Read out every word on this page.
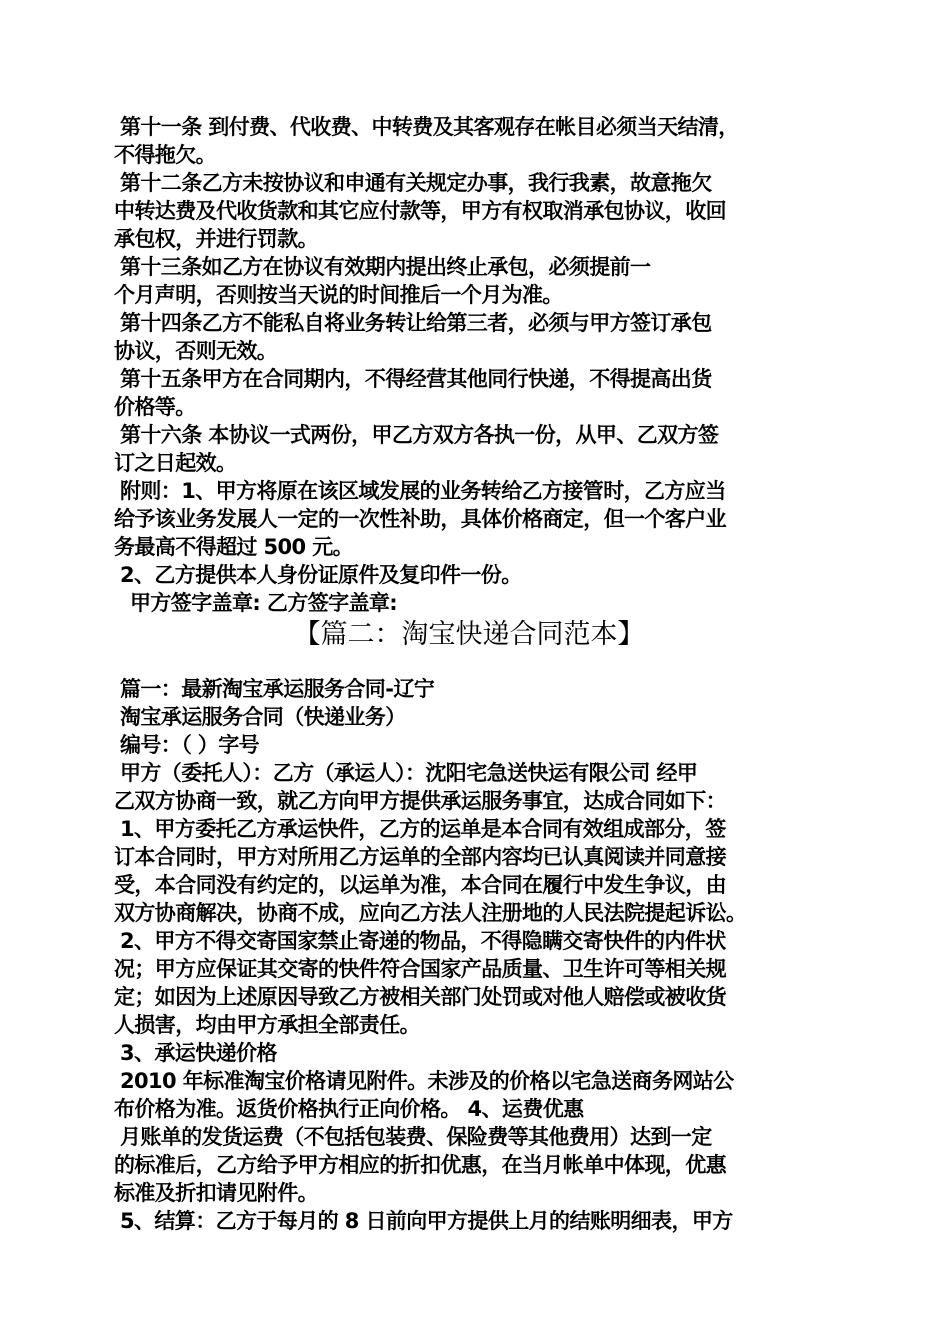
第十一条 到付费、代收费、中转费及其客观存在帐目必须当天结清，
不得拖欠。
第十二条乙方未按协议和申通有关规定办事，我行我素，故意拖欠
中转达费及代收货款和其它应付款等，甲方有权取消承包协议，收回
承包权，并进行罚款。
第十三条如乙方在协议有效期内提出终止承包，必须提前一
个月声明，否则按当天说的时间推后一个月为准。
第十四条乙方不能私自将业务转让给第三者，必须与甲方签订承包
协议，否则无效。
第十五条甲方在合同期内，不得经营其他同行快递，不得提高出货
价格等。
第十六条 本协议一式两份，甲乙方双方各执一份，从甲、乙双方签
订之日起效。
附则：1、甲方将原在该区域发展的业务转给乙方接管时，乙方应当
给予该业务发展人一定的一次性补助，具体价格商定，但一个客户业
务最高不得超过 500 元。
2、乙方提供本人身份证原件及复印件一份。
甲方签字盖章: 乙方签字盖章:
【篇二：淘宝快递合同范本】
篇一：最新淘宝承运服务合同-辽宁
淘宝承运服务合同（快递业务）
编号：（ ）字号
甲方（委托人）：乙方（承运人）：沈阳宅急送快运有限公司 经甲
乙双方协商一致，就乙方向甲方提供承运服务事宜，达成合同如下：
1、甲方委托乙方承运快件，乙方的运单是本合同有效组成部分，签
订本合同时，甲方对所用乙方运单的全部内容均已认真阅读并同意接
受，本合同没有约定的，以运单为准，本合同在履行中发生争议，由
双方协商解决，协商不成，应向乙方法人注册地的人民法院提起诉讼。
2、甲方不得交寄国家禁止寄递的物品，不得隐瞒交寄快件的内件状
况；甲方应保证其交寄的快件符合国家产品质量、卫生许可等相关规
定；如因为上述原因导致乙方被相关部门处罚或对他人赔偿或被收货
人损害，均由甲方承担全部责任。
3、承运快递价格
2010 年标准淘宝价格请见附件。未涉及的价格以宅急送商务网站公
布价格为准。返货价格执行正向价格。 4、运费优惠
月账单的发货运费（不包括包装费、保险费等其他费用）达到一定
的标准后，乙方给予甲方相应的折扣优惠，在当月帐单中体现，优惠
标准及折扣请见附件。
5、结算：乙方于每月的 8 日前向甲方提供上月的结账明细表，甲方
